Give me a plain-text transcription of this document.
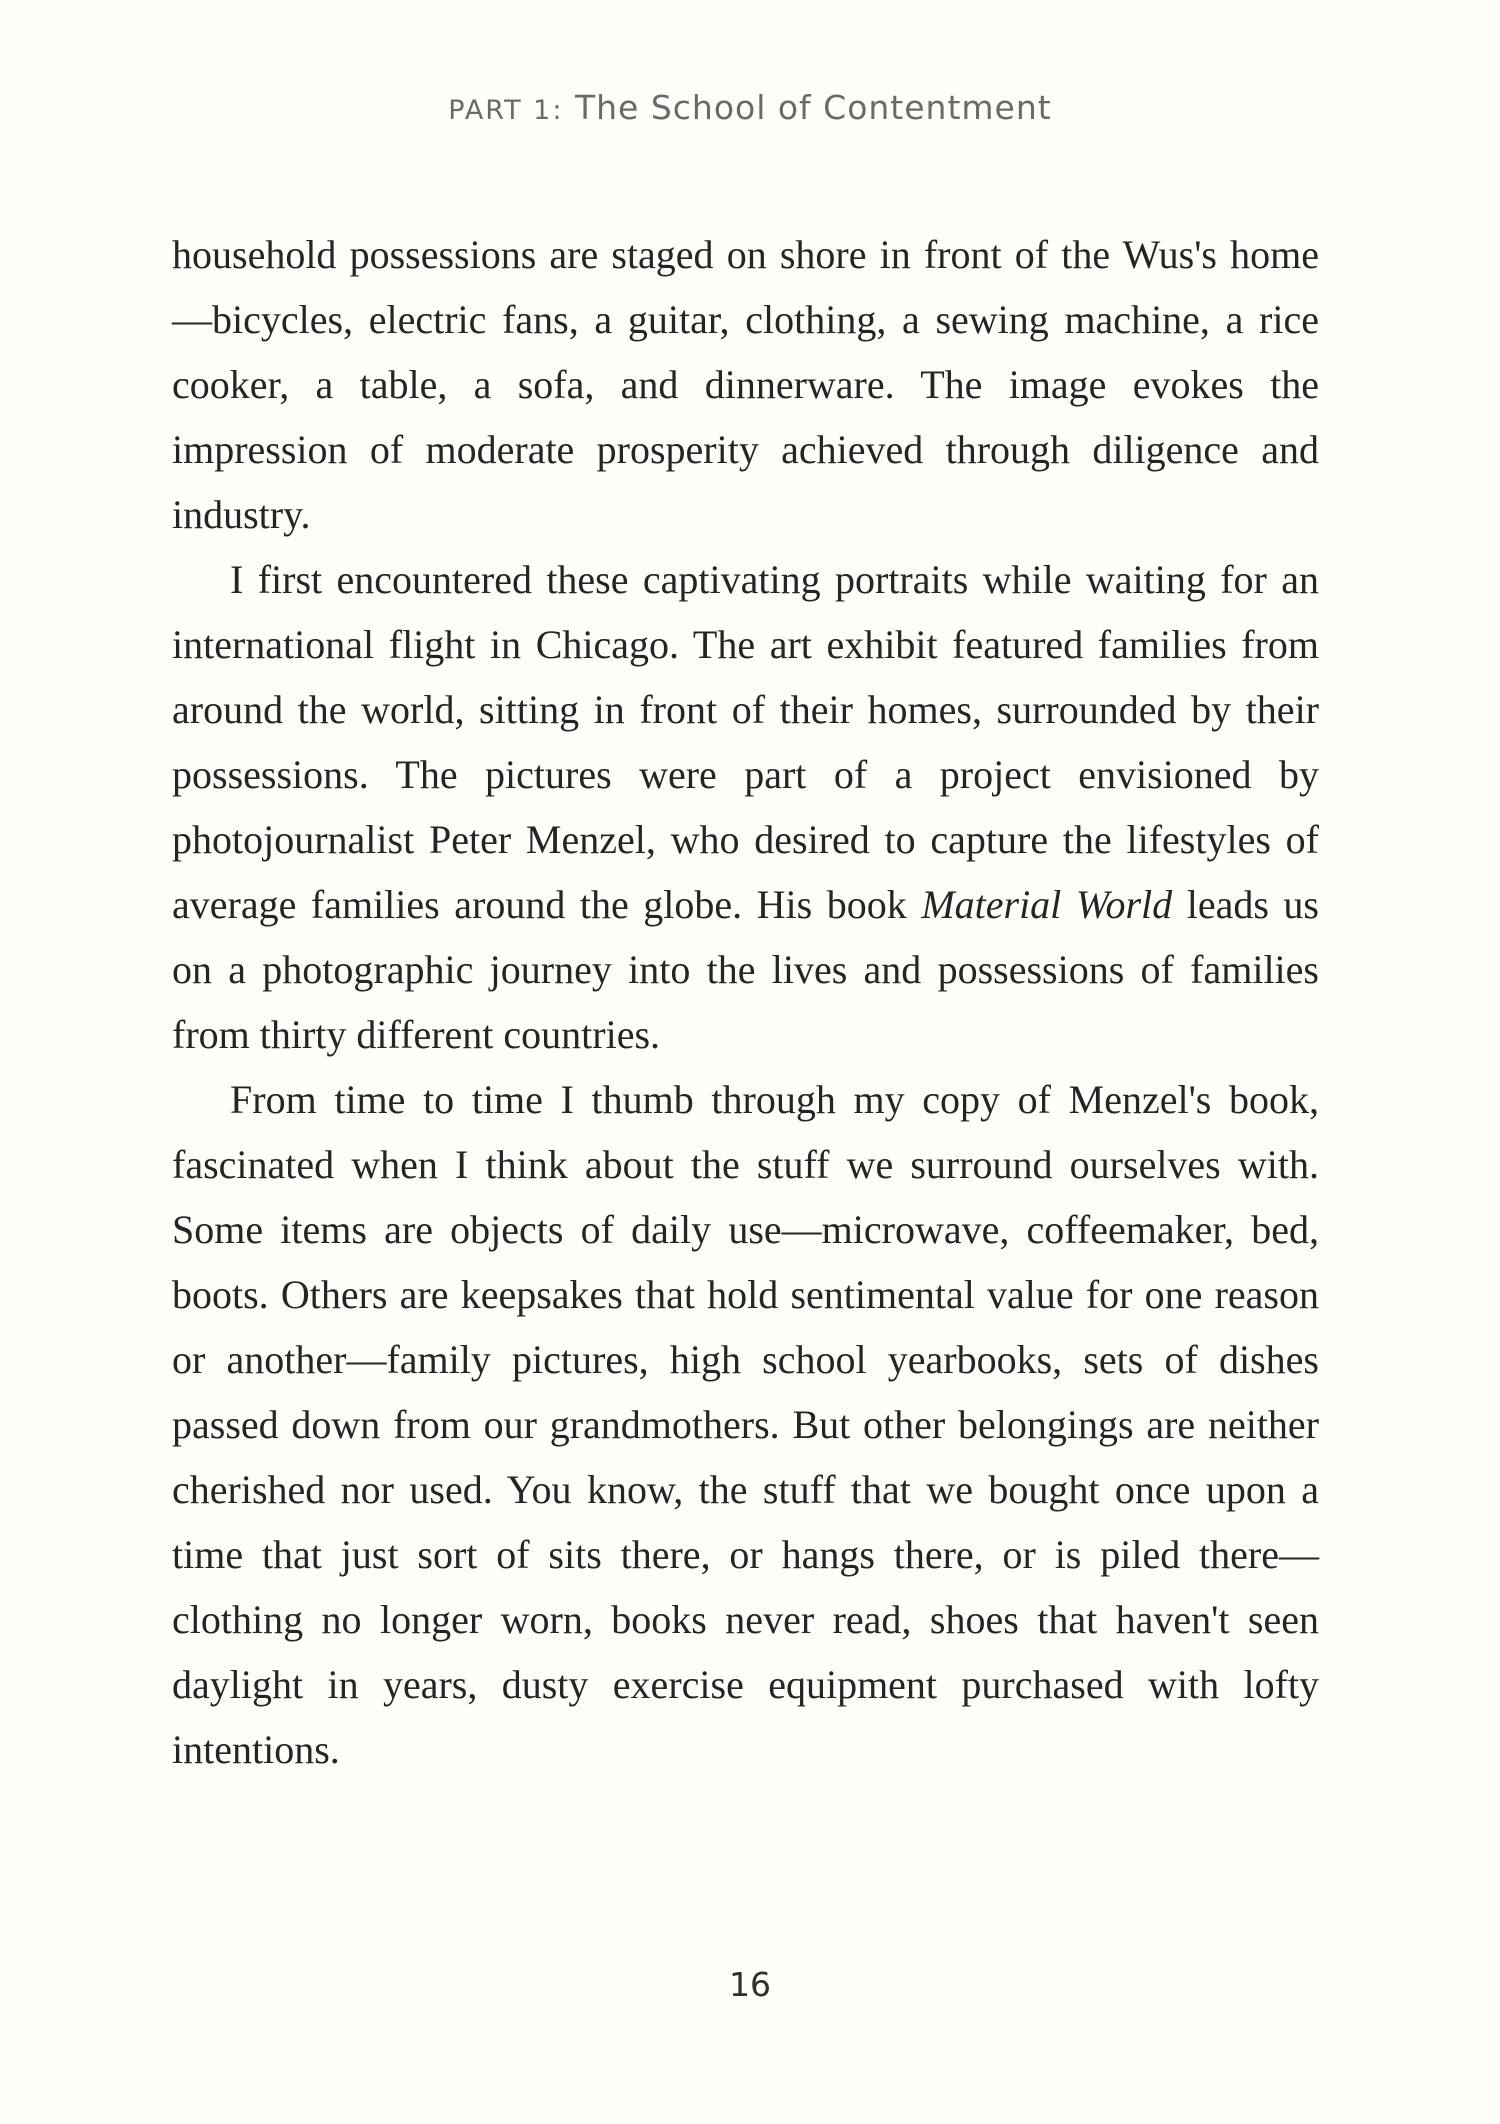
PART 1: The School of Contentment

household possessions are staged on shore in front of the Wus's home—bicycles, electric fans, a guitar, clothing, a sewing machine, a rice cooker, a table, a sofa, and dinnerware. The image evokes the impression of moderate prosperity achieved through diligence and industry.

I first encountered these captivating portraits while waiting for an international flight in Chicago. The art exhibit featured families from around the world, sitting in front of their homes, surrounded by their possessions. The pictures were part of a project envisioned by photojournalist Peter Menzel, who desired to capture the lifestyles of average families around the globe. His book Material World leads us on a photographic journey into the lives and possessions of families from thirty different countries.

From time to time I thumb through my copy of Menzel's book, fascinated when I think about the stuff we surround ourselves with. Some items are objects of daily use—microwave, coffeemaker, bed, boots. Others are keepsakes that hold sentimental value for one reason or another—family pictures, high school yearbooks, sets of dishes passed down from our grandmothers. But other belongings are neither cherished nor used. You know, the stuff that we bought once upon a time that just sort of sits there, or hangs there, or is piled there—clothing no longer worn, books never read, shoes that haven't seen daylight in years, dusty exercise equipment purchased with lofty intentions.

16
